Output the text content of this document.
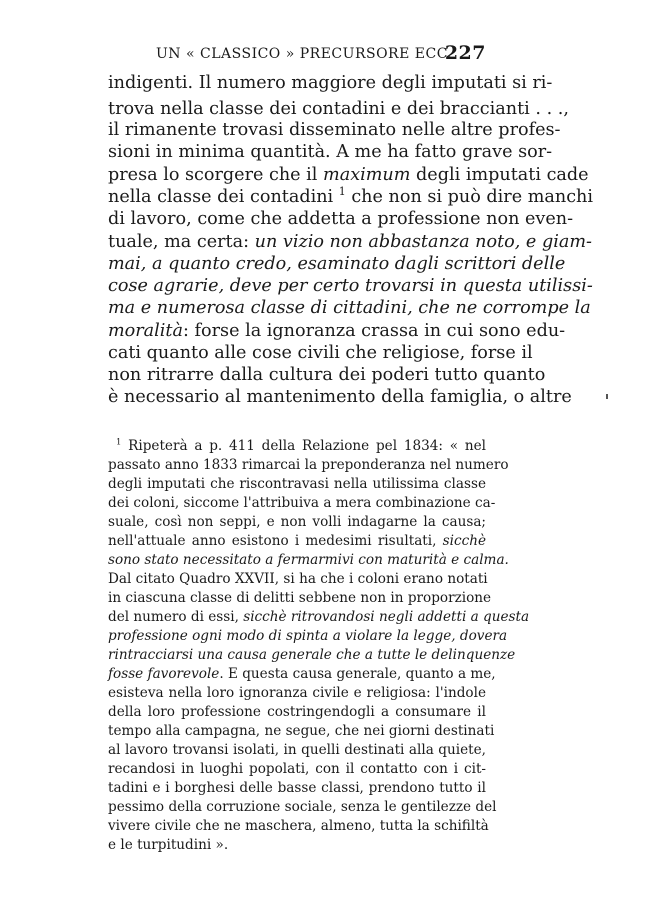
UN « CLASSICO » PRECURSORE ECC.
227
indigenti. Il numero maggiore degli imputati si ri-
trova nella classe dei contadini e dei braccianti . . .,
il rimanente trovasi disseminato nelle altre profes-
sioni in minima quantità. A me ha fatto grave sor-
presa lo scorgere che il maximum degli imputati cade
nella classe dei contadini $^1$ che non si può dire manchi
di lavoro, come che addetta a professione non even-
tuale, ma certa: un vizio non abbastanza noto, e giam-
mai, a quanto credo, esaminato dagli scrittori delle
cose agrarie, deve per certo trovarsi in questa utilissi-
ma e numerosa classe di cittadini, che ne corrompe la
moralità: forse la ignoranza crassa in cui sono edu-
cati quanto alle cose civili che religiose, forse il
non ritrarre dalla cultura dei poderi tutto quanto
è necessario al mantenimento della famiglia, o altre
$^1$ Ripeterà a p. 411 della Relazione pel 1834: « nel
passato anno 1833 rimarcai la preponderanza nel numero
degli imputati che riscontravasi nella utilissima classe
dei coloni, siccome l'attribuiva a mera combinazione ca-
suale, così non seppi, e non volli indagarne la causa;
nell'attuale anno esistono i medesimi risultati, sicchè
sono stato necessitato a fermarmivi con maturità e calma.
Dal citato Quadro XXVII, si ha che i coloni erano notati
in ciascuna classe di delitti sebbene non in proporzione
del numero di essi, sicchè ritrovandosi negli addetti a questa
professione ogni modo di spinta a violare la legge, dovera
rintracciarsi una causa generale che a tutte le delinquenze
fosse favorevole. E questa causa generale, quanto a me,
esisteva nella loro ignoranza civile e religiosa: l'indole
della loro professione costringendogli a consumare il
tempo alla campagna, ne segue, che nei giorni destinati
al lavoro trovansi isolati, in quelli destinati alla quiete,
recandosi in luoghi popolati, con il contatto con i cit-
tadini e i borghesi delle basse classi, prendono tutto il
pessimo della corruzione sociale, senza le gentilezze del
vivere civile che ne maschera, almeno, tutta la schifiltà
e le turpitudini ».
